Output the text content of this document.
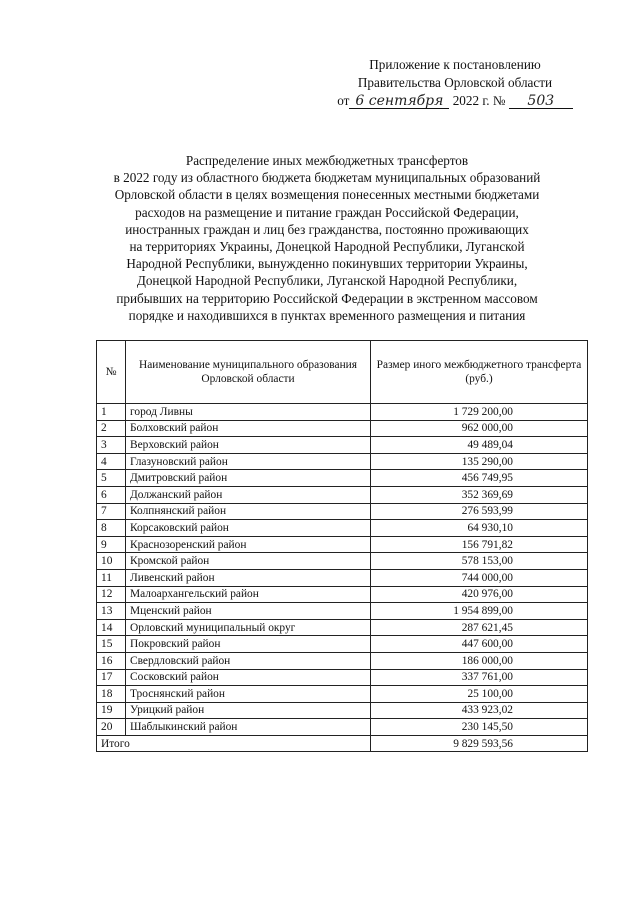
Приложение к постановлению
Правительства Орловской области
от 6 сентября 2022 г. № 503
Распределение иных межбюджетных трансфертов
в 2022 году из областного бюджета бюджетам муниципальных образований
Орловской области в целях возмещения понесенных местными бюджетами
расходов на размещение и питание граждан Российской Федерации,
иностранных граждан и лиц без гражданства, постоянно проживающих
на территориях Украины, Донецкой Народной Республики, Луганской
Народной Республики, вынужденно покинувших территории Украины,
Донецкой Народной Республики, Луганской Народной Республики,
прибывших на территорию Российской Федерации в экстренном массовом
порядке и находившихся в пунктах временного размещения и питания
№	Наименование муниципального образования Орловской области	Размер иного межбюджетного трансферта (руб.)
1	город Ливны	1 729 200,00
2	Болховский район	962 000,00
3	Верховский район	49 489,04
4	Глазуновский район	135 290,00
5	Дмитровский район	456 749,95
6	Должанский район	352 369,69
7	Колпнянский район	276 593,99
8	Корсаковский район	64 930,10
9	Краснозоренский район	156 791,82
10	Кромской район	578 153,00
11	Ливенский район	744 000,00
12	Малоархангельский район	420 976,00
13	Мценский район	1 954 899,00
14	Орловский муниципальный округ	287 621,45
15	Покровский район	447 600,00
16	Свердловский район	186 000,00
17	Сосковский район	337 761,00
18	Троснянский район	25 100,00
19	Урицкий район	433 923,02
20	Шаблыкинский район	230 145,50
Итого		9 829 593,56
